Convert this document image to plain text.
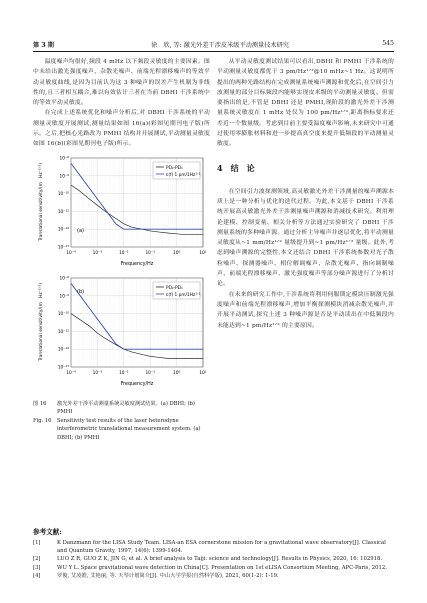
第 3 期	徐　欣, 等: 激光外差干涉皮米级平动测量技术研究	545

温度噪声均很好,频段 4 mHz 以下频段灵敏度的主要因素。图中未给出激光强度噪声、杂散光噪声、前端光程漂移噪声的等效平动灵敏度曲线,是因为目前认为这 3 种噪声的误差产生机制为非线性的,且三者相互耦合,难以有效估计三者在当前 DBHI 干涉系统中的等效平动灵敏度。

在完成上述系统优化和噪声分析后,对 DBHI 干涉系统的平动测量灵敏度开展测试,测量结果如图 16(a)(彩图见期刊电子版)所示。之后,把核心光路改为 PMHI 结构并开展测试,平动测量灵敏度如图 16(b)(彩图见期刊电子版)所示。

10⁻⁴	10⁻³	10⁻²	10⁻¹	10⁰	10¹
10⁻¹³
10⁻¹²
10⁻¹¹
10⁻¹⁰
10⁻⁹
10⁻⁸
PD₂-PD₁
ε(f) 1 pm/1Hz¹ᐟ²
(a)
Frequency/Hz
Translational sensitivity/(m · Hz⁻¹ᐟ²)
10⁻⁴	10⁻³	10⁻²	10⁻¹	10⁰	10¹
10⁻¹³
10⁻¹²
10⁻¹¹
10⁻¹⁰
10⁻⁹
10⁻⁸
PD₂-PD₁
ε(f) 1 pm/1Hz¹ᐟ²
(b)
Frequency/Hz
Translational sensitivity/(m · Hz⁻¹ᐟ²)
图 16	激光外差干涉平动测量系统灵敏度测试结果。(a) DBHI; (b) PMHI
Fig. 16	Sensitivity test results of the laser heterodyne interferometric translational measurement system. (a) DBHI; (b) PMHI

从平动灵敏度测试结果可以看出,DBHI 和 PMHI 干涉系统的平动测量灵敏度都优于 3 pm/Hz¹ᐟ²@10 mHz~1 Hz。这说明所提出的两种光路结构在完成测量系统噪声溯源和优化后,在空间引力波测量的部分目标频段内能够实现皮米级的平动测量灵敏度。但需要指出的是,不管是 DBHI 还是 PMHI,现阶段的激光外差干涉测量系统灵敏度在 1 mHz 处仅为 100 pm/Hz¹ᐟ²,距离指标要求还差近一个数量级。考虑到目前主要受温度噪声影响,未来研究中可通过使用零膨胀材料和进一步提高真空度来提升低频段的平动测量灵敏度。

4　结　论

在空间引力波探测领域,高灵敏激光外差干涉测量的噪声溯源本质上是一种分析与优化的迭代过程。为此,本文基于 DBHI 干涉系统开展高灵敏激光外差干涉测量噪声溯源和消减技术研究。利用理论建模、控制变量、相关分析等方法通过实验研究了 DBHI 干涉测量系统的多种噪声源。通过分析主导噪声并逐层优化,将平动测量灵敏度从~1 mm/Hz¹ᐟ² 量级提升到~1 pm/Hz¹ᐟ² 量级。此外,考虑到噪声溯源的完整性,本文还结合 DBHI 干涉系统参数对光子散粒噪声、探测器噪声、相位解调噪声、杂散光噪声、指向调制噪声、前端光程漂移噪声、激光强度噪声等部分噪声源进行了分析讨论。

在未来的研究工作中,干涉系统将利用伺服锁定模块压制激光强度噪声和前端光程漂移噪声,增加平衡探测模块消减杂散光噪声,并开展平动测试,探究上述 3 种噪声源是否是平动读出在中低频段内未能达到~1 pm/Hz¹ᐟ² 的主要原因。

参考文献:
[1]	K Danzmann for the LISA Study Team. LISA-an ESA cornerstone mission for a gravitational wave observatory[J]. Classical and Quantum Gravity, 1997, 14(6): 1399-1404.
[2]	LUO Z R, GUO Z K, JIN G, et al. A brief analysis to Taiji: science and technology[J]. Results in Physics, 2020, 16: 102918.
[3]	WU Y L. Space gravitational wave detection in China[C]. Presentation on 1st eLISA Consortium Meeting, APC-Paris, 2012.
[4]	罗俊, 艾凌皓, 艾艳丽, 等. 天琴计划简介[J]. 中山大学学报(自然科学版), 2021, 60(1-2): 1-19.
